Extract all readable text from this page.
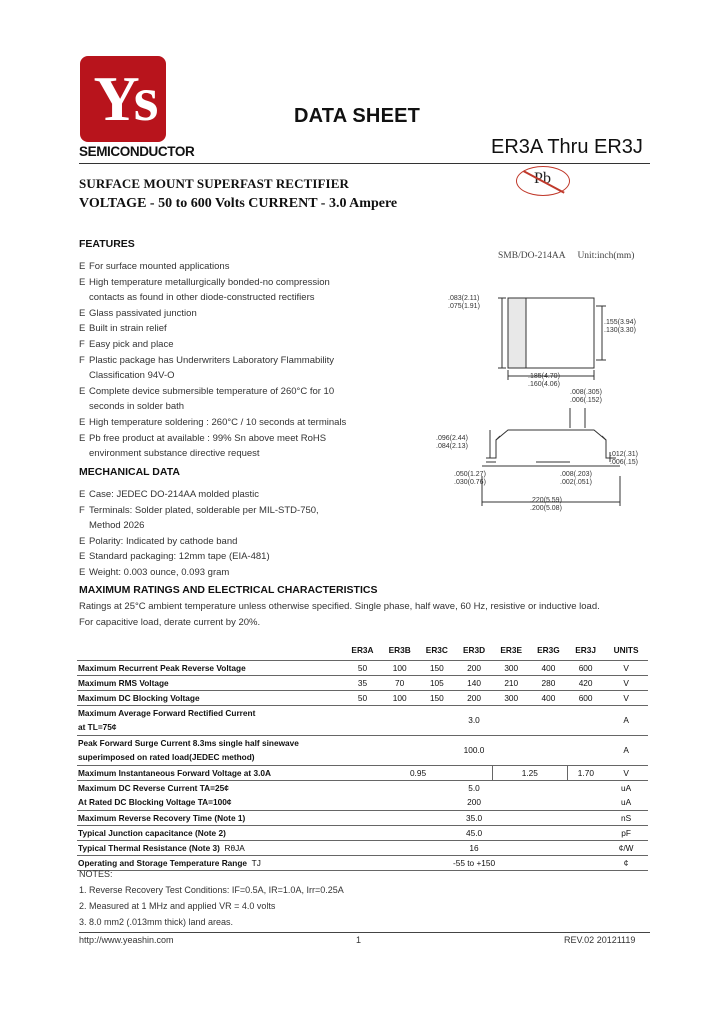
Ys
SEMICONDUCTOR
DATA SHEET
ER3A Thru ER3J
Pb
SURFACE MOUNT SUPERFAST RECTIFIER
VOLTAGE - 50 to 600 Volts CURRENT - 3.0 Ampere
FEATURES
E For surface mounted applications
E High temperature metallurgically bonded-no compression
contacts as found in other diode-constructed rectifiers
E Glass passivated junction
E Built in strain relief
F Easy pick and place
F Plastic package has Underwriters Laboratory Flammability
Classification 94V-O
E Complete device submersible temperature of 260°C for 10
seconds in solder bath
E High temperature soldering : 260°C / 10 seconds at terminals
E Pb free product at available : 99% Sn above meet RoHS
environment substance directive request
MECHANICAL DATA
E Case: JEDEC DO-214AA molded plastic
F Terminals: Solder plated, solderable per MIL-STD-750,
Method 2026
E Polarity: Indicated by cathode band
E Standard packaging: 12mm tape (EIA-481)
E Weight: 0.003 ounce, 0.093 gram
SMB/DO-214AA Unit:inch(mm)
.083(2.11)
.075(1.91)
.155(3.94)
.130(3.30)
.185(4.70)
.160(4.06)
.008(.305)
.006(.152)
.096(2.44)
.084(2.13)
.012(.31)
.006(.15)
.050(1.27)
.030(0.76)
.008(.203)
.002(.051)
.220(5.59)
.200(5.08)
MAXIMUM RATINGS AND ELECTRICAL CHARACTERISTICS
Ratings at 25°C ambient temperature unless otherwise specified. Single phase, half wave, 60 Hz, resistive or inductive load.
For capacitive load, derate current by 20%.
	ER3A	ER3B	ER3C	ER3D	ER3E	ER3G	ER3J	UNITS
Maximum Recurrent Peak Reverse Voltage	50	100	150	200	300	400	600	V
Maximum RMS Voltage	35	70	105	140	210	280	420	V
Maximum DC Blocking Voltage	50	100	150	200	300	400	600	V
Maximum Average Forward Rectified Current								
at TL=75¢	3.0							A
Peak Forward Surge Current 8.3ms single half sinewave								
superimposed on rated load(JEDEC method)	100.0							A
Maximum Instantaneous Forward Voltage at 3.0A	0.95				1.25		1.70	V
Maximum DC Reverse Current TA=25¢	5.0							uA
At Rated DC Blocking Voltage TA=100¢	200							uA
Maximum Reverse Recovery Time (Note 1)	35.0							nS
Typical Junction capacitance (Note 2)	45.0							pF
Typical Thermal Resistance (Note 3) RθJA	16							¢/W
Operating and Storage Temperature Range TJ	-55 to +150							¢
NOTES:
1. Reverse Recovery Test Conditions: IF=0.5A, IR=1.0A, Irr=0.25A
2. Measured at 1 MHz and applied VR = 4.0 volts
3. 8.0 mm2 (.013mm thick) land areas.
http://www.yeashin.com	1	REV.02 20121119
